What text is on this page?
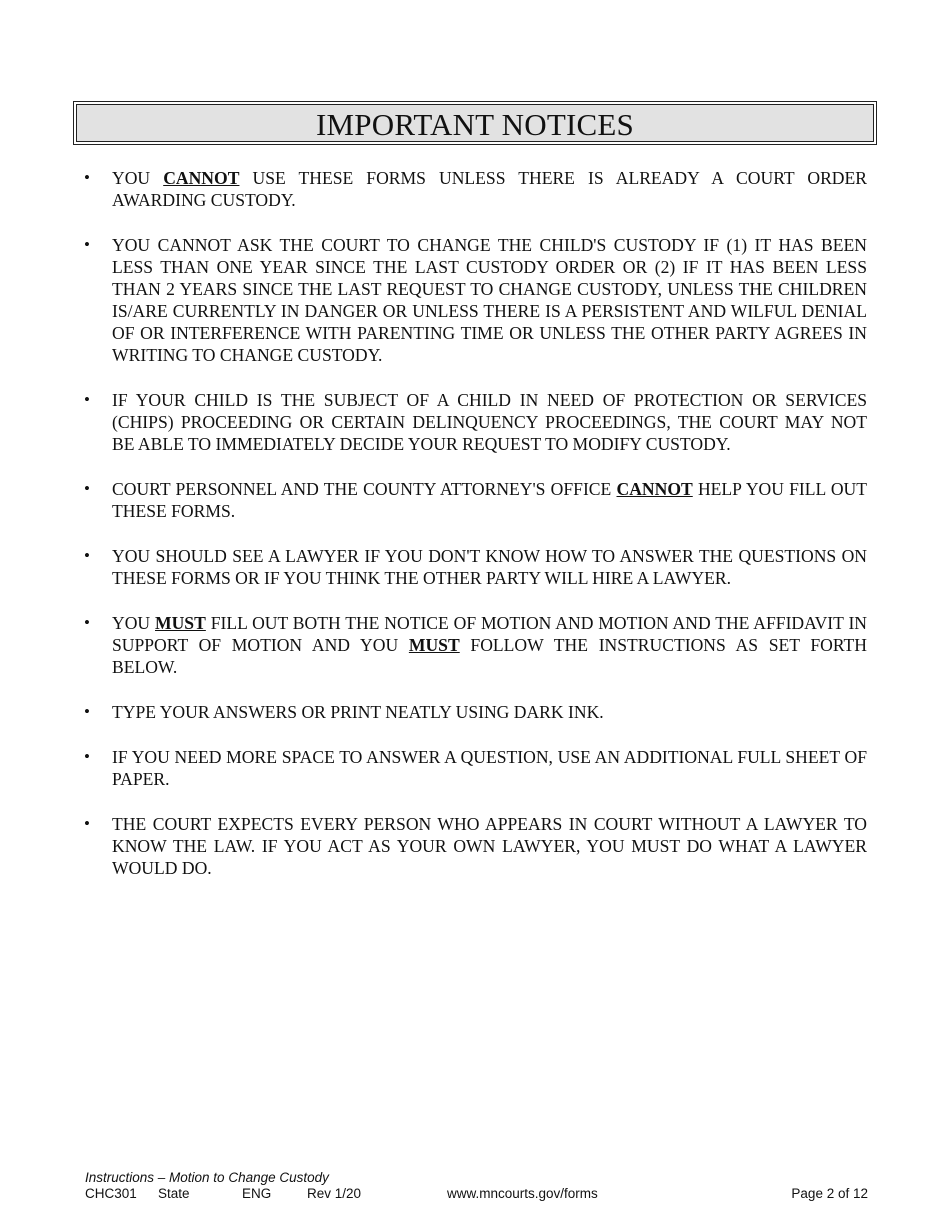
IMPORTANT NOTICES
• YOU CANNOT USE THESE FORMS UNLESS THERE IS ALREADY A COURT ORDER AWARDING CUSTODY.
• YOU CANNOT ASK THE COURT TO CHANGE THE CHILD'S CUSTODY IF (1) IT HAS BEEN LESS THAN ONE YEAR SINCE THE LAST CUSTODY ORDER OR (2) IF IT HAS BEEN LESS THAN 2 YEARS SINCE THE LAST REQUEST TO CHANGE CUSTODY, UNLESS THE CHILDREN IS/ARE CURRENTLY IN DANGER OR UNLESS THERE IS A PERSISTENT AND WILFUL DENIAL OF OR INTERFERENCE WITH PARENTING TIME OR UNLESS THE OTHER PARTY AGREES IN WRITING TO CHANGE CUSTODY.
• IF YOUR CHILD IS THE SUBJECT OF A CHILD IN NEED OF PROTECTION OR SERVICES (CHIPS) PROCEEDING OR CERTAIN DELINQUENCY PROCEEDINGS, THE COURT MAY NOT BE ABLE TO IMMEDIATELY DECIDE YOUR REQUEST TO MODIFY CUSTODY.
• COURT PERSONNEL AND THE COUNTY ATTORNEY'S OFFICE CANNOT HELP YOU FILL OUT THESE FORMS.
• YOU SHOULD SEE A LAWYER IF YOU DON'T KNOW HOW TO ANSWER THE QUESTIONS ON THESE FORMS OR IF YOU THINK THE OTHER PARTY WILL HIRE A LAWYER.
• YOU MUST FILL OUT BOTH THE NOTICE OF MOTION AND MOTION AND THE AFFIDAVIT IN SUPPORT OF MOTION AND YOU MUST FOLLOW THE INSTRUCTIONS AS SET FORTH BELOW.
• TYPE YOUR ANSWERS OR PRINT NEATLY USING DARK INK.
• IF YOU NEED MORE SPACE TO ANSWER A QUESTION, USE AN ADDITIONAL FULL SHEET OF PAPER.
• THE COURT EXPECTS EVERY PERSON WHO APPEARS IN COURT WITHOUT A LAWYER TO KNOW THE LAW. IF YOU ACT AS YOUR OWN LAWYER, YOU MUST DO WHAT A LAWYER WOULD DO.
Instructions – Motion to Change Custody
CHC301 State	ENG	Rev 1/20	www.mncourts.gov/forms	Page 2 of 12
